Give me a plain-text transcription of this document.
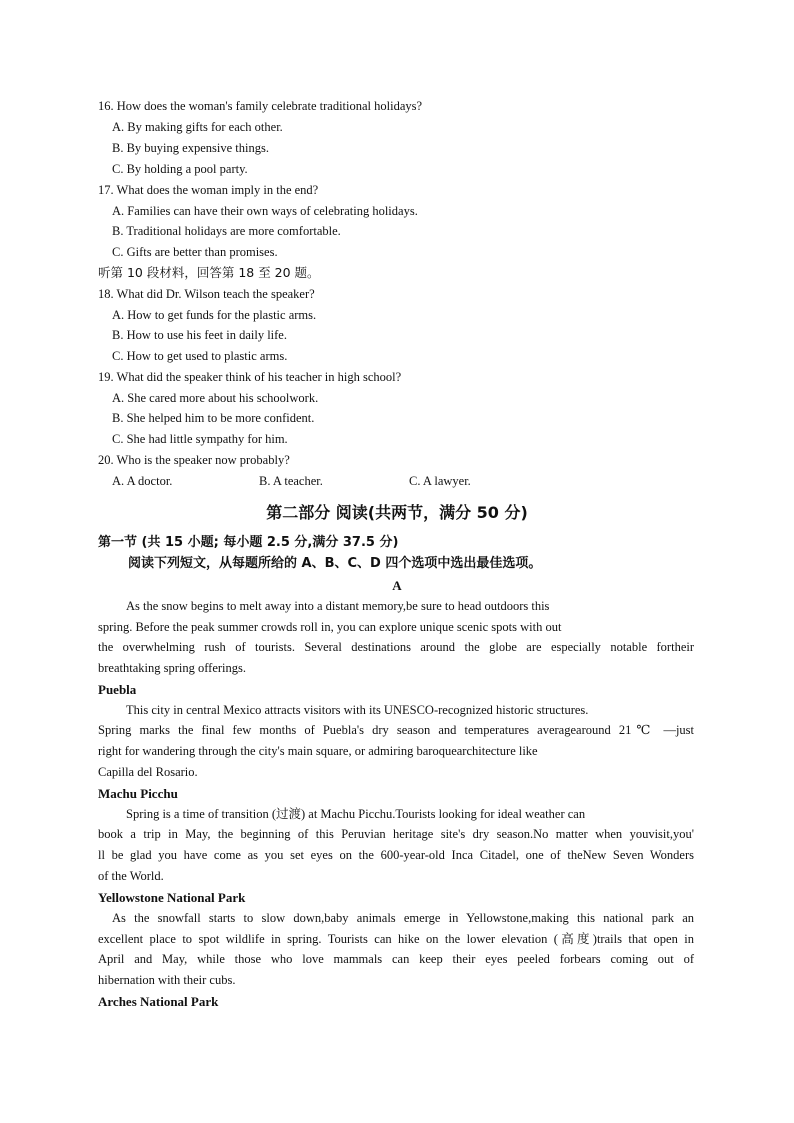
16. How does the woman's family celebrate traditional holidays?
A. By making gifts for each other.
B. By buying expensive things.
C. By holding a pool party.
17. What does the woman imply in the end?
A. Families can have their own ways of celebrating holidays.
B. Traditional holidays are more comfortable.
C. Gifts are better than promises.
听第 10 段材料，回答第 18 至 20 题。
18. What did Dr. Wilson teach the speaker?
A. How to get funds for the plastic arms.
B. How to use his feet in daily life.
C. How to get used to plastic arms.
19. What did the speaker think of his teacher in high school?
A. She cared more about his schoolwork.
B. She helped him to be more confident.
C. She had little sympathy for him.
20. Who is the speaker now probably?
A. A doctor.	B. A teacher.	C. A lawyer.
第二部分 阅读(共两节，满分 50 分)
第一节 (共 15 小题; 每小题 2.5 分,满分 37.5 分)
阅读下列短文，从每题所给的 A、B、C、D 四个选项中选出最佳选项。
A
As the snow begins to melt away into a distant memory,be sure to head outdoors this
spring. Before the peak summer crowds roll in, you can explore unique scenic spots with out
the overwhelming rush of tourists. Several destinations around the globe are especially notable fortheir
breathtaking spring offerings.
Puebla
This city in central Mexico attracts visitors with its UNESCO-recognized historic structures.
Spring marks the final few months of Puebla's dry season and temperatures averagearound 21℃ —just
right for wandering through the city's main square, or admiring baroquearchitecture like
Capilla del Rosario.
Machu Picchu
Spring is a time of transition (过渡) at Machu Picchu.Tourists looking for ideal weather can
book a trip in May, the beginning of this Peruvian heritage site's dry season.No matter when youvisit,you'
ll be glad you have come as you set eyes on the 600-year-old Inca Citadel, one of theNew Seven Wonders
of the World.
Yellowstone National Park
As the snowfall starts to slow down,baby animals emerge in Yellowstone,making this national park an
excellent place to spot wildlife in spring. Tourists can hike on the lower elevation (高度)trails that open in
April and May, while those who love mammals can keep their eyes peeled forbears coming out of
hibernation with their cubs.
Arches National Park
